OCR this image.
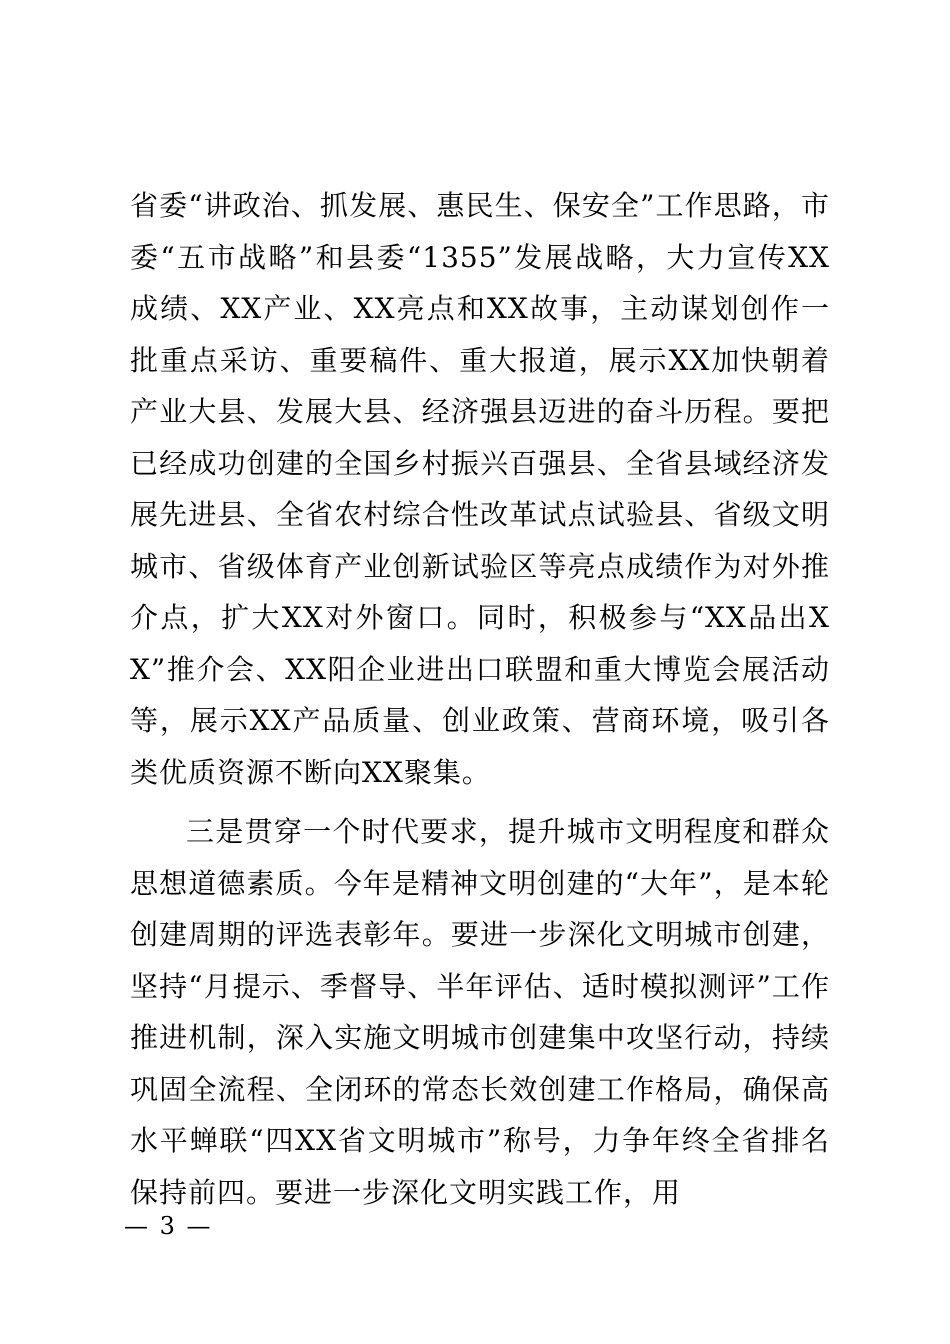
省委“讲政治、抓发展、惠民生、保安全”工作思路，市委“五市战略”和县委“1355”发展战略，大力宣传XX成绩、XX产业、XX亮点和XX故事，主动谋划创作一批重点采访、重要稿件、重大报道，展示XX加快朝着产业大县、发展大县、经济强县迈进的奋斗历程。要把已经成功创建的全国乡村振兴百强县、全省县域经济发展先进县、全省农村综合性改革试点试验县、省级文明城市、省级体育产业创新试验区等亮点成绩作为对外推介点，扩大XX对外窗口。同时，积极参与“XX品出XX”推介会、XX阳企业进出口联盟和重大博览会展活动等，展示XX产品质量、创业政策、营商环境，吸引各类优质资源不断向XX聚集。

三是贯穿一个时代要求，提升城市文明程度和群众思想道德素质。今年是精神文明创建的“大年”，是本轮创建周期的评选表彰年。要进一步深化文明城市创建，坚持“月提示、季督导、半年评估、适时模拟测评”工作推进机制，深入实施文明城市创建集中攻坚行动，持续巩固全流程、全闭环的常态长效创建工作格局，确保高水平蝉联“四XX省文明城市”称号，力争年终全省排名保持前四。要进一步深化文明实践工作，用

— 3 —
